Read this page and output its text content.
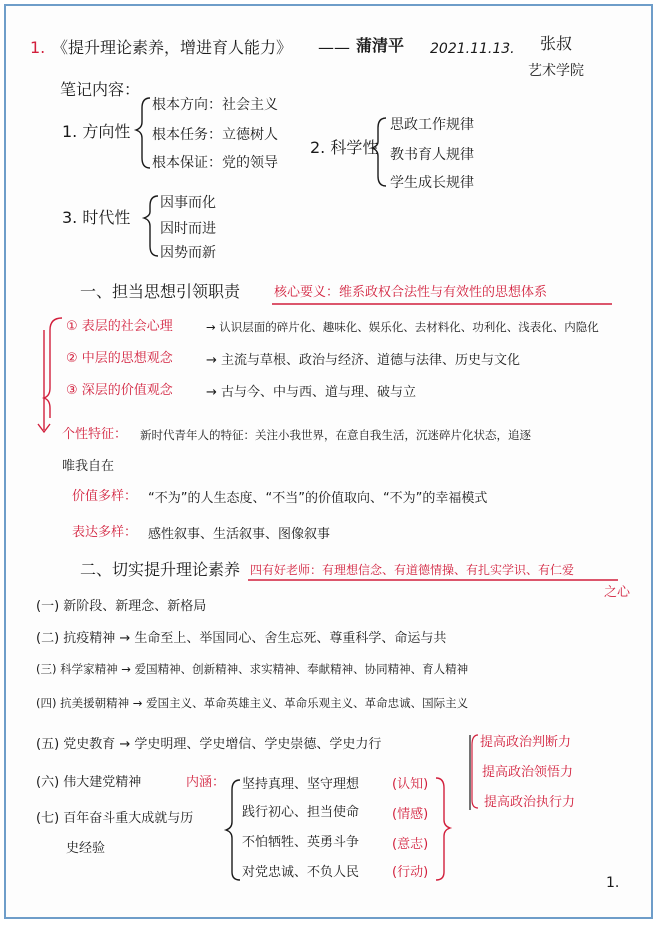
1. 《提升理论素养，增进育人能力》 —— 蒲清平 2021.11.13. 张叔
艺术学院
笔记内容：
1. 方向性
根本方向：社会主义
根本任务：立德树人
根本保证：党的领导
2. 科学性
思政工作规律
教书育人规律
学生成长规律
3. 时代性
因事而化
因时而进
因势而新
一、担当思想引领职责	核心要义：维系政权合法性与有效性的思想体系
① 表层的社会心理	→ 认识层面的碎片化、趣味化、娱乐化、去材料化、功利化、浅表化、内隐化
② 中层的思想观念	→ 主流与草根、政治与经济、道德与法律、历史与文化
③ 深层的价值观念	→ 古与今、中与西、道与理、破与立
个性特征： 新时代青年人的特征：关注小我世界，在意自我生活，沉迷碎片化状态，追逐
唯我自在
价值多样： “不为”的人生态度、“不当”的价值取向、“不为”的幸福模式
表达多样： 感性叙事、生活叙事、图像叙事
二、切实提升理论素养 四有好老师：有理想信念、有道德情操、有扎实学识、有仁爱
之心
(一) 新阶段、新理念、新格局
(二) 抗疫精神 → 生命至上、举国同心、舍生忘死、尊重科学、命运与共
(三) 科学家精神 → 爱国精神、创新精神、求实精神、奉献精神、协同精神、育人精神
(四) 抗美援朝精神 → 爱国主义、革命英雄主义、革命乐观主义、革命忠诚、国际主义
(五) 党史教育 → 学史明理、学史增信、学史崇德、学史力行
(六) 伟大建党精神	内涵： 坚持真理、坚守理想	(认知)
践行初心、担当使命	(情感)
不怕牺牲、英勇斗争	(意志)
对党忠诚、不负人民	(行动)
(七) 百年奋斗重大成就与历
史经验
提高政治判断力
提高政治领悟力
提高政治执行力
1.
